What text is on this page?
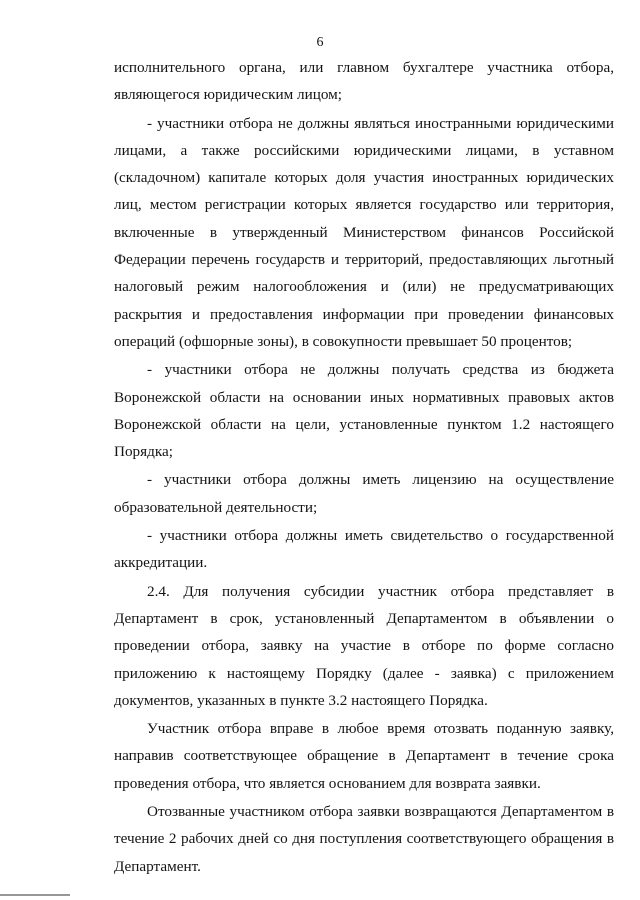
6

исполнительного органа, или главном бухгалтере участника отбора, являющегося юридическим лицом;

- участники отбора не должны являться иностранными юридическими лицами, а также российскими юридическими лицами, в уставном (складочном) капитале которых доля участия иностранных юридических лиц, местом регистрации которых является государство или территория, включенные в утвержденный Министерством финансов Российской Федерации перечень государств и территорий, предоставляющих льготный налоговый режим налогообложения и (или) не предусматривающих раскрытия и предоставления информации при проведении финансовых операций (офшорные зоны), в совокупности превышает 50 процентов;

- участники отбора не должны получать средства из бюджета Воронежской области на основании иных нормативных правовых актов Воронежской области на цели, установленные пунктом 1.2 настоящего Порядка;

- участники отбора должны иметь лицензию на осуществление образовательной деятельности;

- участники отбора должны иметь свидетельство о государственной аккредитации.

2.4. Для получения субсидии участник отбора представляет в Департамент в срок, установленный Департаментом в объявлении о проведении отбора, заявку на участие в отборе по форме согласно приложению к настоящему Порядку (далее - заявка) с приложением документов, указанных в пункте 3.2 настоящего Порядка.

Участник отбора вправе в любое время отозвать поданную заявку, направив соответствующее обращение в Департамент в течение срока проведения отбора, что является основанием для возврата заявки.

Отозванные участником отбора заявки возвращаются Департаментом в течение 2 рабочих дней со дня поступления соответствующего обращения в Департамент.
